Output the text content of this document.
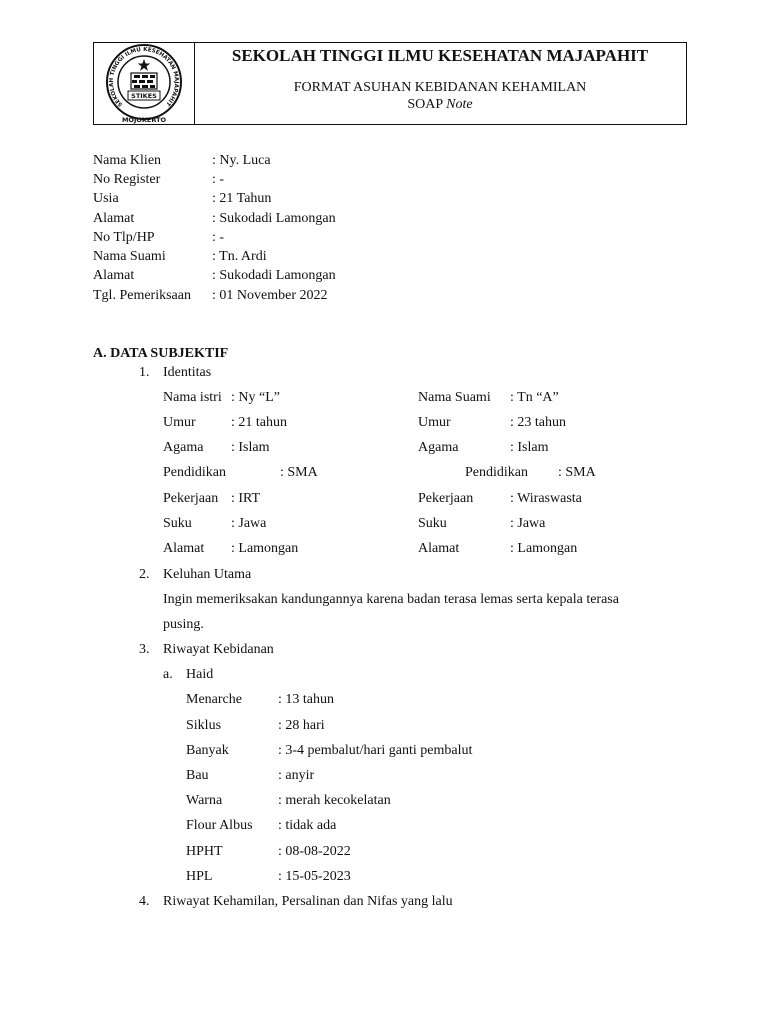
SEKOLAH TINGGI ILMU KESEHATAN MAJAPAHIT
STIKES
MOJOKERTO
SEKOLAH TINGGI ILMU KESEHATAN MAJAPAHIT
FORMAT ASUHAN KEBIDANAN KEHAMILAN
SOAP Note
Nama Klien	: Ny. Luca
No Register	: -
Usia	: 21 Tahun
Alamat	: Sukodadi Lamongan
No Tlp/HP	: -
Nama Suami	: Tn. Ardi
Alamat	: Sukodadi Lamongan
Tgl. Pemeriksaan : 01 November 2022
A. DATA SUBJEKTIF
1. Identitas
Nama istri : Ny “L”
Umur	: 21 tahun
Agama : Islam
Pendidikan	: SMA
Pekerjaan : IRT
Suku	: Jawa
Alamat : Lamongan
Nama Suami : Tn “A”
Umur	: 23 tahun
Agama	: Islam
Pendidikan : SMA
Pekerjaan	: Wiraswasta
Suku	: Jawa
Alamat	: Lamongan
2. Keluhan Utama
Ingin memeriksakan kandungannya karena badan terasa lemas serta kepala terasa
pusing.
3. Riwayat Kebidanan
a. Haid
Menarche	: 13 tahun
Siklus	: 28 hari
Banyak	: 3-4 pembalut/hari ganti pembalut
Bau	: anyir
Warna	: merah kecokelatan
Flour Albus : tidak ada
HPHT	: 08-08-2022
HPL	: 15-05-2023
4. Riwayat Kehamilan, Persalinan dan Nifas yang lalu
